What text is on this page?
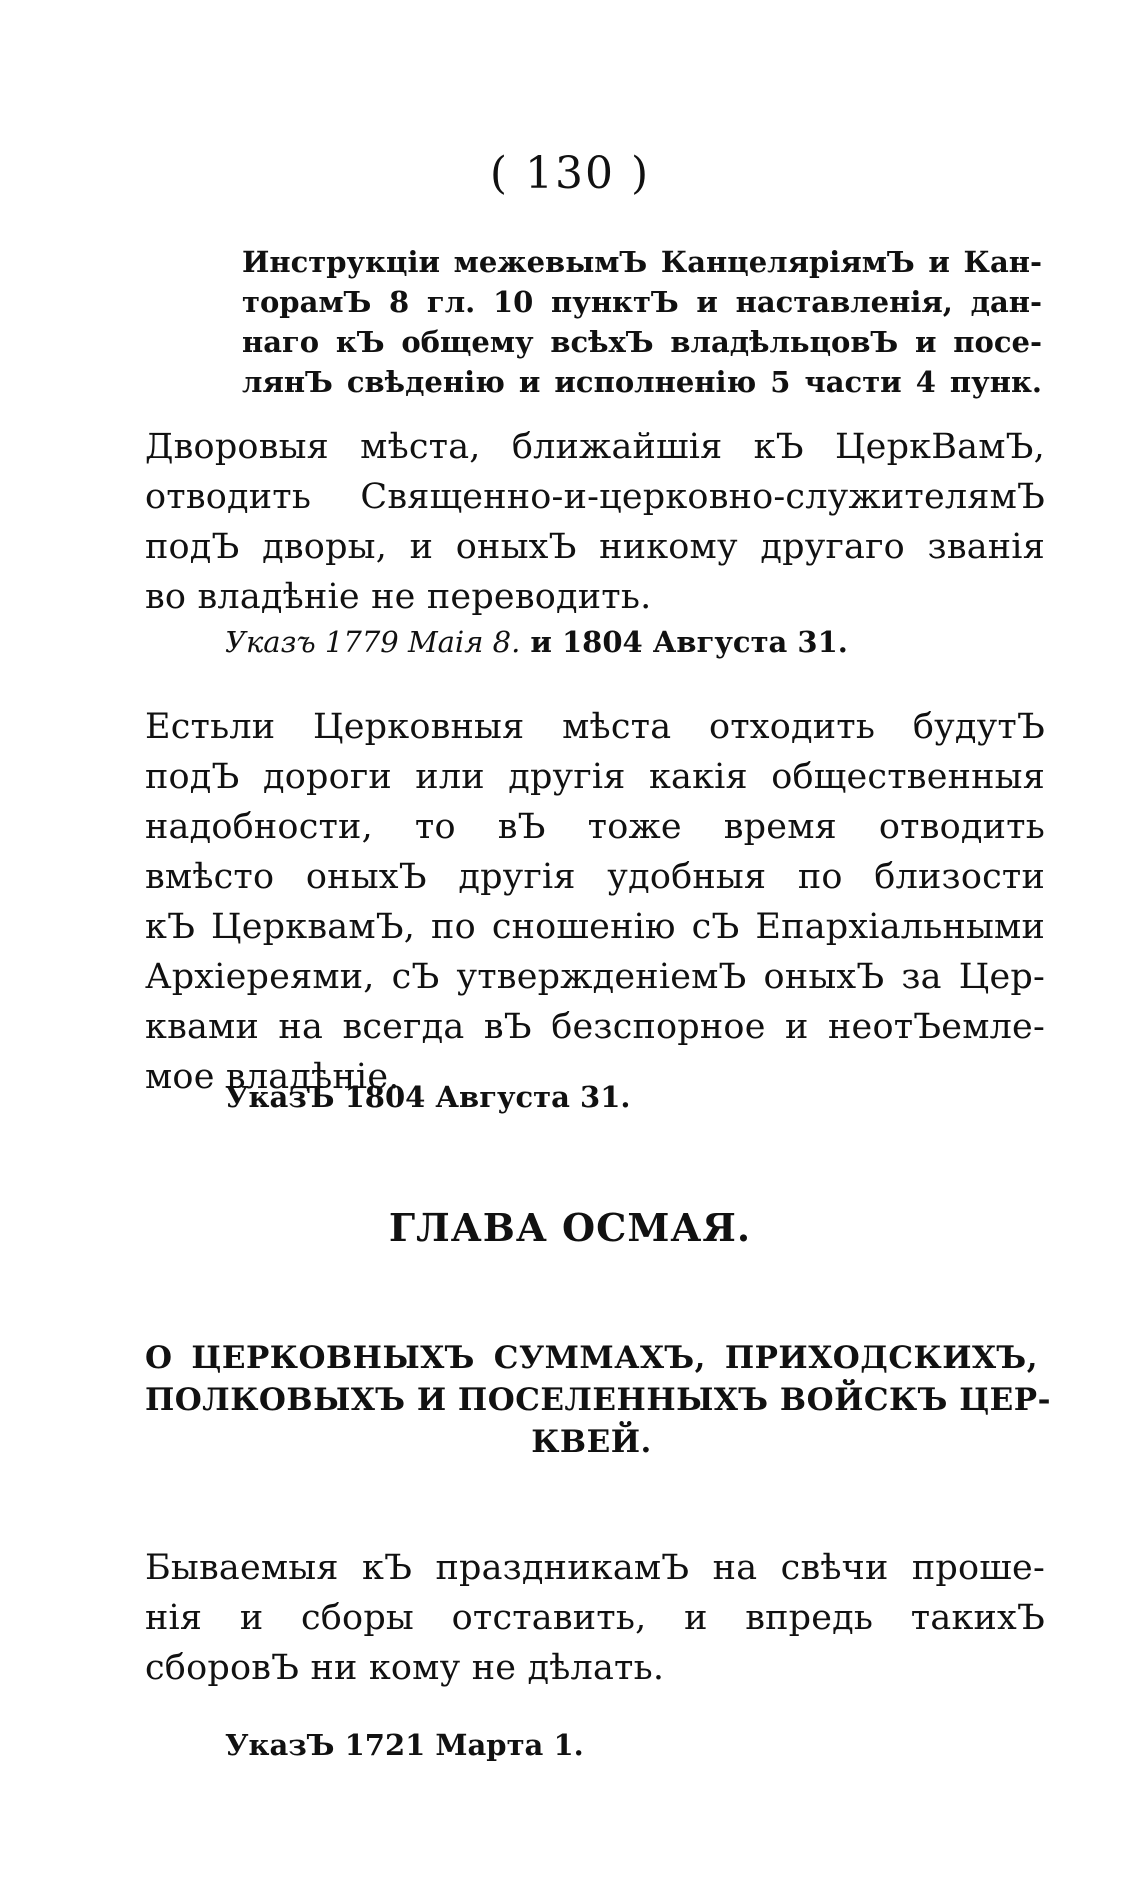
( 130 )
Инструкціи межевымЪ КанцеляріямЪ и Кан-
торамЪ 8 гл. 10 пунктЪ и наставленія, дан-
наго кЪ общему всѣхЪ владѣльцовЪ и посе-
лянЪ свѣденію и исполненію 5 части 4 пунк.
Дворовыя мѣста, ближайшія кЪ ЦеркВамЪ,
отводить Священно-и-церковно-служителямЪ
подЪ дворы, и оныхЪ никому другаго званія
во владѣніе не переводить.
Указъ 1779 Маія 8. и 1804 Августа 31.
Естьли Церковныя мѣста отходить будутЪ
подЪ дороги или другія какія общественныя
надобности, то вЪ тоже время отводить
вмѣсто оныхЪ другія удобныя по близости
кЪ ЦерквамЪ, по сношенію сЪ Епархіальными
Архіереями, сЪ утвержденіемЪ оныхЪ за Цер-
квами на всегда вЪ безспорное и неотЪемле-
мое владѣніе.
УказЪ 1804 Августа 31.
ГЛАВА ОСМАЯ.
О ЦЕРКОВНЫХЪ СУММАХЪ, ПРИХОДСКИХЪ,
ПОЛКОВЫХЪ И ПОСЕЛЕННЫХЪ ВОЙСКЪ ЦЕР-
КВЕЙ.
Бываемыя кЪ праздникамЪ на свѣчи проше-
нія и сборы отставить, и впредь такихЪ
сборовЪ ни кому не дѣлать.
УказЪ 1721 Марта 1.
